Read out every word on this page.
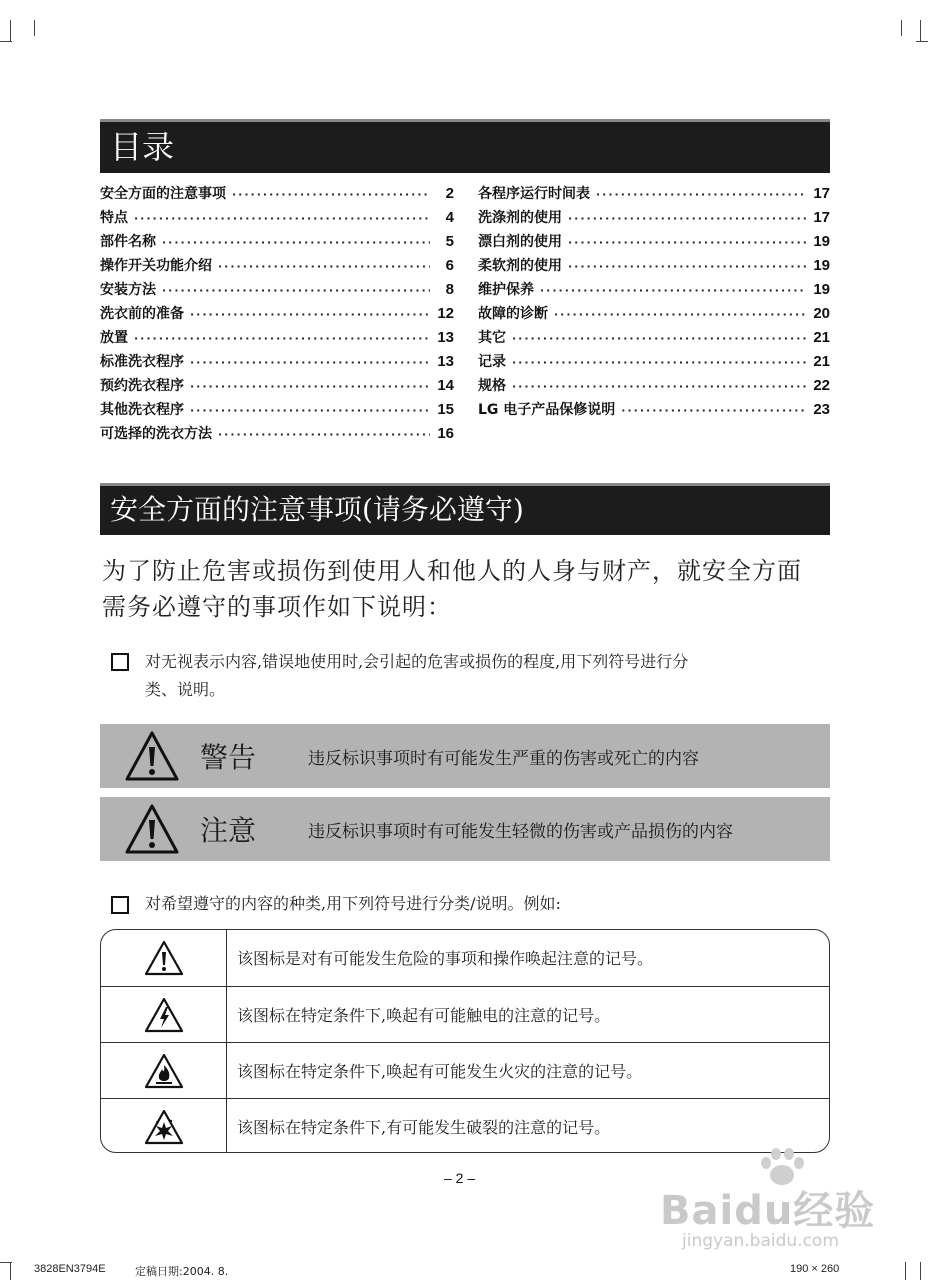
目录
安全方面的注意事项 ·····	2
特点 ·····	4
部件名称 ·····	5
操作开关功能介绍 ·····	6
安装方法 ·····	8
洗衣前的准备 ·····	12
放置 ·····	13
标准洗衣程序 ·····	13
预约洗衣程序 ·····	14
其他洗衣程序 ·····	15
可选择的洗衣方法 ·····	16
各程序运行时间表 ·····	17
洗涤剂的使用 ·····	17
漂白剂的使用 ·····	19
柔软剂的使用 ·····	19
维护保养 ·····	19
故障的诊断 ·····	20
其它 ·····	21
记录 ·····	21
规格 ·····	22
LG 电子产品保修说明 ·····	23
安全方面的注意事项(请务必遵守)
为了防止危害或损伤到使用人和他人的人身与财产，就安全方面
需务必遵守的事项作如下说明：
对无视表示内容,错误地使用时,会引起的危害或损伤的程度,用下列符号进行分
类、说明。
警告	违反标识事项时有可能发生严重的伤害或死亡的内容
注意	违反标识事项时有可能发生轻微的伤害或产品损伤的内容
对希望遵守的内容的种类,用下列符号进行分类/说明。例如:
该图标是对有可能发生危险的事项和操作唤起注意的记号。
该图标在特定条件下,唤起有可能触电的注意的记号。
该图标在特定条件下,唤起有可能发生火灾的注意的记号。
该图标在特定条件下,有可能发生破裂的注意的记号。
– 2 –
Baidu经验
jingyan.baidu.com
3828EN3794E	定稿日期:2004. 8.	190 × 260
